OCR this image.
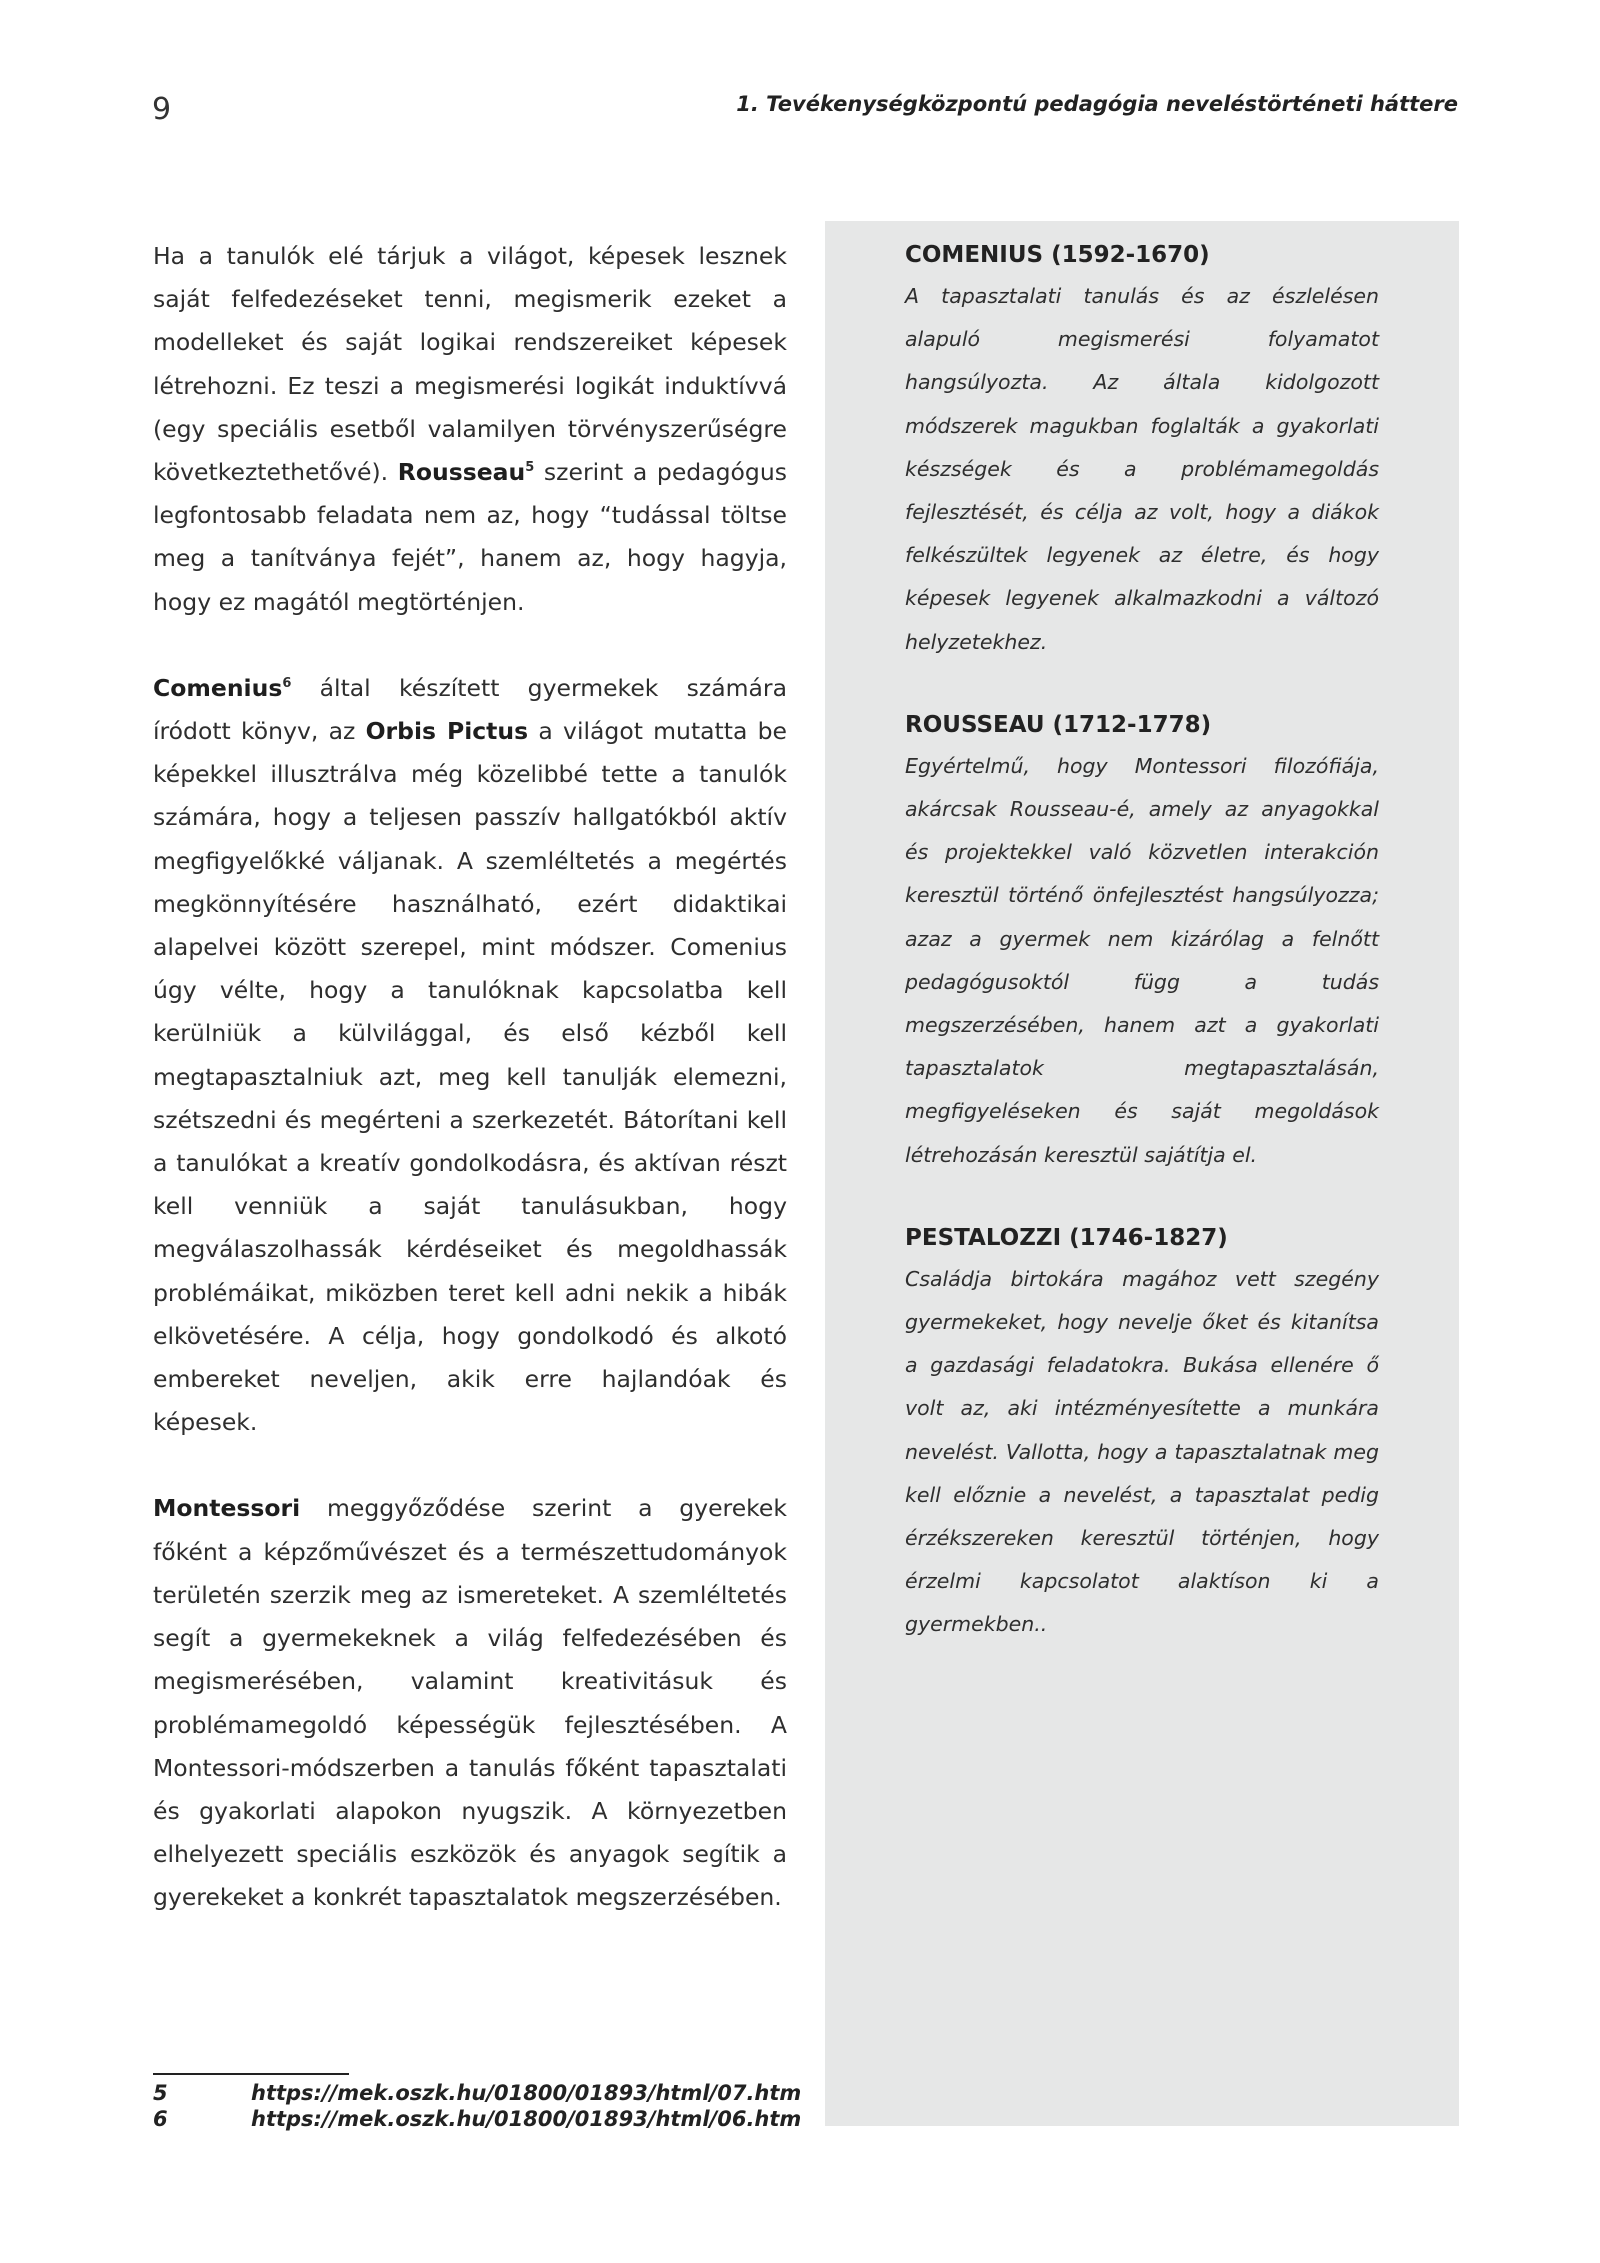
9	1. Tevékenységközpontú pedagógia neveléstörténeti háttere

Ha a tanulók elé tárjuk a világot, képesek lesznek saját felfedezéseket tenni, megismerik ezeket a modelleket és saját logikai rendszereiket képesek létrehozni. Ez teszi a megismerési logikát induktívvá (egy speciális esetből valamilyen törvényszerűségre következtethetővé). Rousseau$^5$ szerint a pedagógus legfontosabb feladata nem az, hogy “tudással töltse meg a tanítványa fejét”, hanem az, hogy hagyja, hogy ez magától megtörténjen.

Comenius$^6$ által készített gyermekek számára íródott könyv, az Orbis Pictus a világot mutatta be képekkel illusztrálva még közelibbé tette a tanulók számára, hogy a teljesen passzív hallgatókból aktív megfigyelőkké váljanak. A szemléltetés a megértés megkönnyítésére használható, ezért didaktikai alapelvei között szerepel, mint módszer. Comenius úgy vélte, hogy a tanulóknak kapcsolatba kell kerülniük a külvilággal, és első kézből kell megtapasztalniuk azt, meg kell tanulják elemezni, szétszedni és megérteni a szerkezetét. Bátorítani kell a tanulókat a kreatív gondolkodásra, és aktívan részt kell venniük a saját tanulásukban, hogy megválaszolhassák kérdéseiket és megoldhassák problémáikat, miközben teret kell adni nekik a hibák elkövetésére. A célja, hogy gondolkodó és alkotó embereket neveljen, akik erre hajlandóak és képesek.

Montessori meggyőződése szerint a gyerekek főként a képzőművészet és a természettudományok területén szerzik meg az ismereteket. A szemléltetés segít a gyermekeknek a világ felfedezésében és megismerésében, valamint kreativitásuk és problémamegoldó képességük fejlesztésében. A Montessori-módszerben a tanulás főként tapasztalati és gyakorlati alapokon nyugszik. A környezetben elhelyezett speciális eszközök és anyagok segítik a gyerekeket a konkrét tapasztalatok megszerzésében.

COMENIUS (1592-1670)

A tapasztalati tanulás és az észlelésen alapuló megismerési folyamatot hangsúlyozta. Az általa kidolgozott módszerek magukban foglalták a gyakorlati készségek és a problémamegoldás fejlesztését, és célja az volt, hogy a diákok felkészültek legyenek az életre, és hogy képesek legyenek alkalmazkodni a változó helyzetekhez.

ROUSSEAU (1712-1778)

Egyértelmű, hogy Montessori filozófiája, akárcsak Rousseau-é, amely az anyagokkal és projektekkel való közvetlen interakción keresztül történő önfejlesztést hangsúlyozza; azaz a gyermek nem kizárólag a felnőtt pedagógusoktól függ a tudás megszerzésében, hanem azt a gyakorlati tapasztalatok megtapasztalásán, megfigyeléseken és saját megoldások létrehozásán keresztül sajátítja el.

PESTALOZZI (1746-1827)

Családja birtokára magához vett szegény gyermekeket, hogy nevelje őket és kitanítsa a gazdasági feladatokra. Bukása ellenére ő volt az, aki intézményesítette a munkára nevelést. Vallotta, hogy a tapasztalatnak meg kell előznie a nevelést, a tapasztalat pedig érzékszereken keresztül történjen, hogy érzelmi kapcsolatot alaktíson ki a gyermekben..

5	https://mek.oszk.hu/01800/01893/html/07.htm
6	https://mek.oszk.hu/01800/01893/html/06.htm
